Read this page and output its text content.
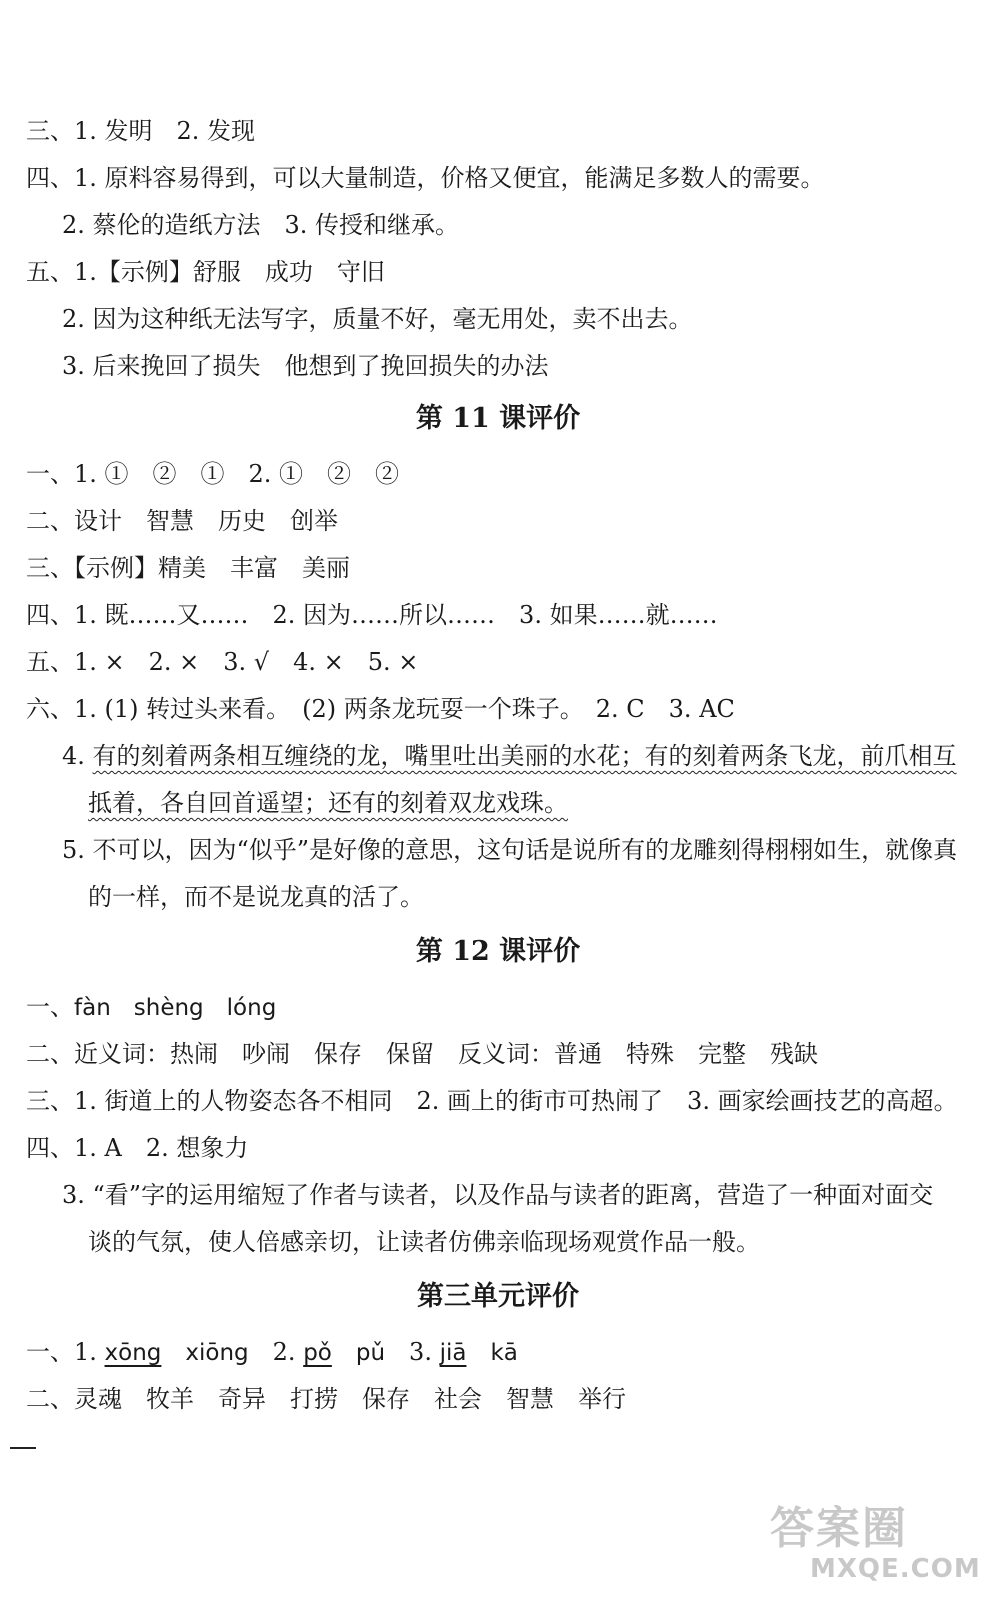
三、1. 发明　2. 发现
四、1. 原料容易得到，可以大量制造，价格又便宜，能满足多数人的需要。
2. 蔡伦的造纸方法　3. 传授和继承。
五、1.【示例】舒服　成功　守旧
2. 因为这种纸无法写字，质量不好，毫无用处，卖不出去。
3. 后来挽回了损失　他想到了挽回损失的办法
第 11 课评价
一、1. ①　②　①　2. ①　②　②
二、设计　智慧　历史　创举
三、【示例】精美　丰富　美丽
四、1. 既……又……　2. 因为……所以……　3. 如果……就……
五、1. ×　2. ×　3. √　4. ×　5. ×
六、1. (1) 转过头来看。　(2) 两条龙玩耍一个珠子。　2. C　3. AC
4. 有的刻着两条相互缠绕的龙，嘴里吐出美丽的水花；有的刻着两条飞龙，前爪相互
抵着，各自回首遥望；还有的刻着双龙戏珠。
5. 不可以，因为“似乎”是好像的意思，这句话是说所有的龙雕刻得栩栩如生，就像真
的一样，而不是说龙真的活了。
第 12 课评价
一、fàn　shèng　lóng
二、近义词：热闹　吵闹　保存　保留　反义词：普通　特殊　完整　残缺
三、1. 街道上的人物姿态各不相同　2. 画上的街市可热闹了　3. 画家绘画技艺的高超。
四、1. A　2. 想象力
3. “看”字的运用缩短了作者与读者，以及作品与读者的距离，营造了一种面对面交
谈的气氛，使人倍感亲切，让读者仿佛亲临现场观赏作品一般。
第三单元评价
一、1. xōng　 xiōng　 2. pǒ　 pǔ　 3. jiā　 kā
二、灵魂　牧羊　奇异　打捞　保存　社会　智慧　举行
答案圈
MXQE.COM
